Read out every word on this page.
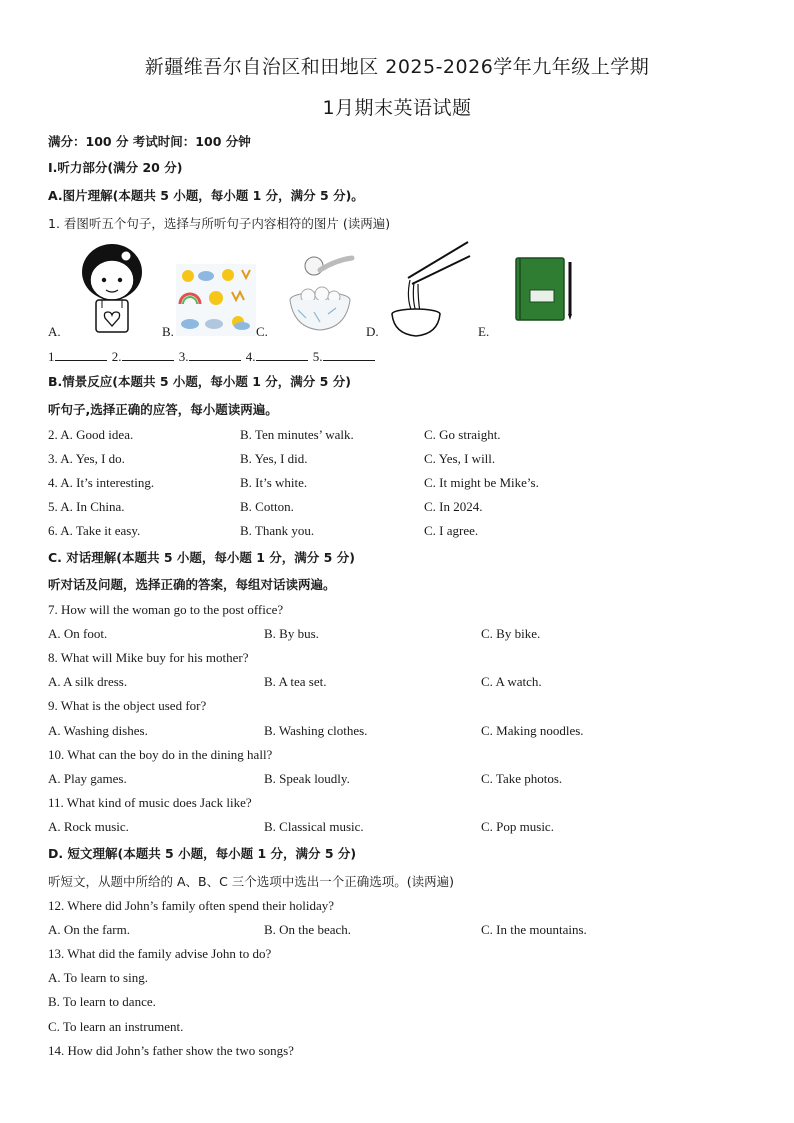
新疆维吾尔自治区和田地区 2025-2026学年九年级上学期
1月期末英语试题
满分：100 分 考试时间：100 分钟
Ⅰ.听力部分(满分 20 分)
A.图片理解(本题共 5 小题，每小题 1 分，满分 5 分)。
1. 看图听五个句子，选择与所听句子内容相符的图片 (读两遍)
A.	B.	C.	D.	E.
1	2.	3.	4.	5.
B.情景反应(本题共 5 小题，每小题 1 分，满分 5 分)
听句子,选择正确的应答，每小题读两遍。
2. A. Good idea.	B. Ten minutes’ walk.	C. Go straight.
3. A. Yes, I do.	B. Yes, I did.	C. Yes, I will.
4. A. It’s interesting.	B. It’s white.	C. It might be Mike’s.
5. A. In China.	B. Cotton.	C. In 2024.
6. A. Take it easy.	B. Thank you.	C. I agree.
C. 对话理解(本题共 5 小题，每小题 1 分，满分 5 分)
听对话及问题，选择正确的答案，每组对话读两遍。
7. How will the woman go to the post office?
A. On foot.	B. By bus.	C. By bike.
8. What will Mike buy for his mother?
A. A silk dress.	B. A tea set.	C. A watch.
9. What is the object used for?
A. Washing dishes.	B. Washing clothes.	C. Making noodles.
10. What can the boy do in the dining hall?
A. Play games.	B. Speak loudly.	C. Take photos.
11. What kind of music does Jack like?
A. Rock music.	B. Classical music.	C. Pop music.
D. 短文理解(本题共 5 小题，每小题 1 分，满分 5 分)
听短文，从题中所给的 A、B、C 三个选项中选出一个正确选项。(读两遍)
12. Where did John’s family often spend their holiday?
A. On the farm.	B. On the beach.	C. In the mountains.
13. What did the family advise John to do?
A. To learn to sing.
B. To learn to dance.
C. To learn an instrument.
14. How did John’s father show the two songs?
